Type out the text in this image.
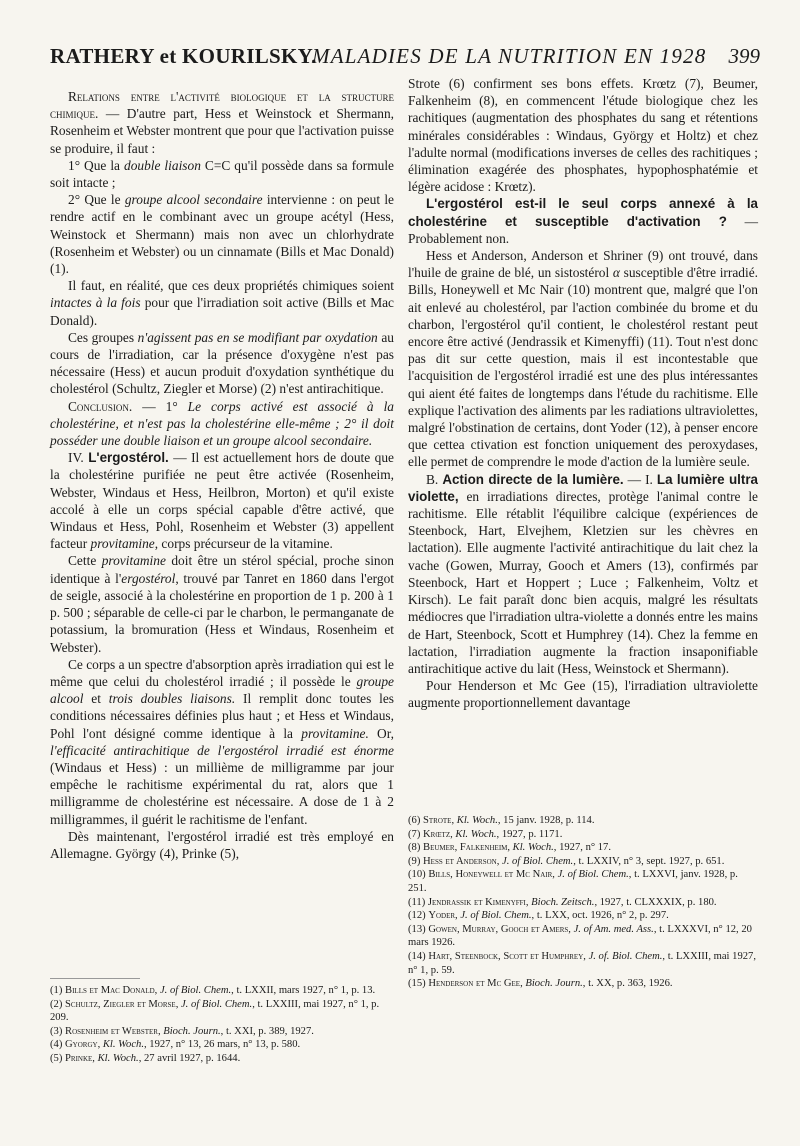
RATHERY et KOURILSKY.
MALADIES DE LA NUTRITION EN 1928 399

Relations entre l'activité biologique et la structure chimique. — D'autre part, Hess et Weinstock et Shermann, Rosenheim et Webster montrent que pour que l'activation puisse se produire, il faut :

1° Que la double liaison C=C qu'il possède dans sa formule soit intacte ;

2° Que le groupe alcool secondaire intervienne : on peut le rendre actif en le combinant avec un groupe acétyl (Hess, Weinstock et Shermann) mais non avec un chlorhydrate (Rosenheim et Webster) ou un cinnamate (Bills et Mac Donald) (1).

Il faut, en réalité, que ces deux propriétés chimiques soient intactes à la fois pour que l'irradiation soit active (Bills et Mac Donald).

Ces groupes n'agissent pas en se modifiant par oxydation au cours de l'irradiation, car la présence d'oxygène n'est pas nécessaire (Hess) et aucun produit d'oxydation synthétique du cholestérol (Schultz, Ziegler et Morse) (2) n'est antirachitique.

Conclusion. — 1° Le corps activé est associé à la cholestérine, et n'est pas la cholestérine elle-même ; 2° il doit posséder une double liaison et un groupe alcool secondaire.

IV. L'ergostérol. — Il est actuellement hors de doute que la cholestérine purifiée ne peut être activée (Rosenheim, Webster, Windaus et Hess, Heilbron, Morton) et qu'il existe accolé à elle un corps spécial capable d'être activé, que Windaus et Hess, Pohl, Rosenheim et Webster (3) appellent facteur provitamine, corps précurseur de la vitamine.

Cette provitamine doit être un stérol spécial, proche sinon identique à l'ergostérol, trouvé par Tanret en 1860 dans l'ergot de seigle, associé à la cholestérine en proportion de 1 p. 200 à 1 p. 500 ; séparable de celle-ci par le charbon, le permanganate de potassium, la bromuration (Hess et Windaus, Rosenheim et Webster).

Ce corps a un spectre d'absorption après irradiation qui est le même que celui du cholestérol irradié ; il possède le groupe alcool et trois doubles liaisons. Il remplit donc toutes les conditions nécessaires définies plus haut ; et Hess et Windaus, Pohl l'ont désigné comme identique à la provitamine. Or, l'efficacité antirachitique de l'ergostérol irradié est énorme (Windaus et Hess) : un millième de milligramme par jour empêche le rachitisme expérimental du rat, alors que 1 milligramme de cholestérine est nécessaire. A dose de 1 à 2 milligrammes, il guérit le rachitisme de l'enfant.

Dès maintenant, l'ergostérol irradié est très employé en Allemagne. György (4), Prinke (5),

(1) Bills et Mac Donald, J. of Biol. Chem., t. LXXII, mars 1927, n° 1, p. 13.
(2) Schultz, Ziegler et Morse, J. of Biol. Chem., t. LXXIII, mai 1927, n° 1, p. 209.
(3) Rosenheim et Webster, Bioch. Journ., t. XXI, p. 389, 1927.
(4) Gyorgy, Kl. Woch., 1927, n° 13, 26 mars, n° 13, p. 580.
(5) Prinke, Kl. Woch., 27 avril 1927, p. 1644.

Strote (6) confirment ses bons effets. Krœtz (7), Beumer, Falkenheim (8), en commencent l'étude biologique chez les rachitiques (augmentation des phosphates du sang et rétentions minérales considérables : Windaus, György et Holtz) et chez l'adulte normal (modifications inverses de celles des rachitiques ; élimination exagérée des phosphates, hypophosphatémie et légère acidose : Krœtz).

L'ergostérol est-il le seul corps annexé à la cholestérine et susceptible d'activation ? — Probablement non.

Hess et Anderson, Anderson et Shriner (9) ont trouvé, dans l'huile de graine de blé, un sistostérol α susceptible d'être irradié. Bills, Honeywell et Mc Nair (10) montrent que, malgré que l'on ait enlevé au cholestérol, par l'action combinée du brome et du charbon, l'ergostérol qu'il contient, le cholestérol restant peut encore être activé (Jendrassik et Kimenyffi) (11). Tout n'est donc pas dit sur cette question, mais il est incontestable que l'acquisition de l'ergostérol irradié est une des plus intéressantes qui aient été faites de longtemps dans l'étude du rachitisme. Elle explique l'activation des aliments par les radiations ultraviolettes, malgré l'obstination de certains, dont Yoder (12), à penser encore que cettea ctivation est fonction uniquement des peroxydases, elle permet de comprendre le mode d'action de la lumière seule.

B. Action directe de la lumière. — I. La lumière ultra violette, en irradiations directes, protège l'animal contre le rachitisme. Elle rétablit l'équilibre calcique (expériences de Steenbock, Hart, Elvejhem, Kletzien sur les chèvres en lactation). Elle augmente l'activité antirachitique du lait chez la vache (Gowen, Murray, Gooch et Amers (13), confirmés par Steenbock, Hart et Hoppert ; Luce ; Falkenheim, Voltz et Kirsch). Le fait paraît donc bien acquis, malgré les résultats médiocres que l'irradiation ultra-violette a donnés entre les mains de Hart, Steenbock, Scott et Humphrey (14). Chez la femme en lactation, l'irradiation augmente la fraction insaponifiable antirachitique active du lait (Hess, Weinstock et Shermann).

Pour Henderson et Mc Gee (15), l'irradiation ultraviolette augmente proportionnellement davantage

(6) Strote, Kl. Woch., 15 janv. 1928, p. 114.
(7) Krœtz, Kl. Woch., 1927, p. 1171.
(8) Beumer, Falkenheim, Kl. Woch., 1927, n° 17.
(9) Hess et Anderson, J. of Biol. Chem., t. LXXIV, n° 3, sept. 1927, p. 651.
(10) Bills, Honeywell et Mc Nair, J. of Biol. Chem., t. LXXVI, janv. 1928, p. 251.
(11) Jendrassik et Kimenyffi, Bioch. Zeitsch., 1927, t. CLXXXIX, p. 180.
(12) Yoder, J. of Biol. Chem., t. LXX, oct. 1926, n° 2, p. 297.
(13) Gowen, Murray, Gooch et Amers, J. of Am. med. Ass., t. LXXXVI, n° 12, 20 mars 1926.
(14) Hart, Steenbock, Scott et Humphrey, J. of. Biol. Chem., t. LXXIII, mai 1927, n° 1, p. 59.
(15) Henderson et Mc Gee, Bioch. Journ., t. XX, p. 363, 1926.
